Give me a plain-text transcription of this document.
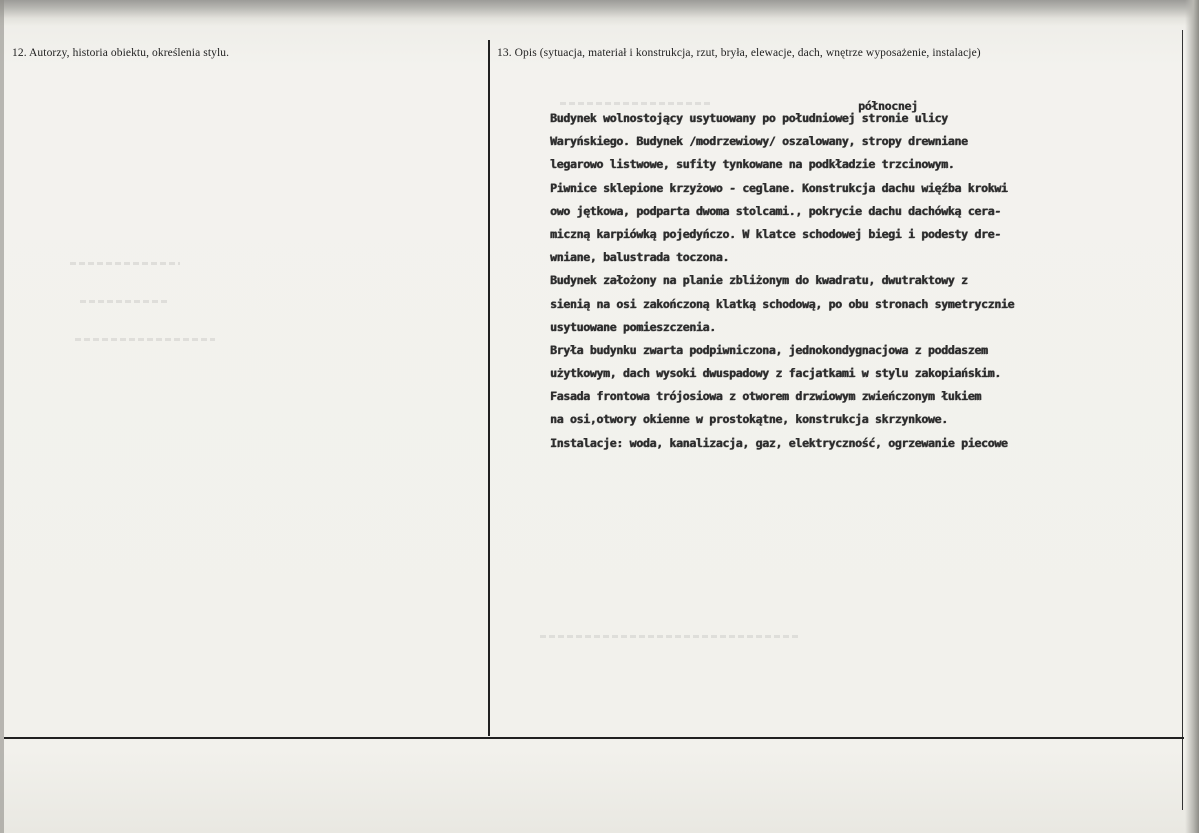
12. Autorzy, historia obiektu, określenia stylu.	13. Opis (sytuacja, materiał i konstrukcja, rzut, bryła, elewacje, dach, wnętrze wyposażenie, instalacje)
północnej
Budynek wolnostojący usytuowany po południowej stronie ulicy
Waryńskiego. Budynek /modrzewiowy/ oszalowany, stropy drewniane
legarowo listwowe, sufity tynkowane na podkładzie trzcinowym.
Piwnice sklepione krzyżowo - ceglane. Konstrukcja dachu więźba krokwi
owo jętkowa, podparta dwoma stolcami., pokrycie dachu dachówką cera-
miczną karpiówką pojedyńczo. W klatce schodowej biegi i podesty dre-
wniane, balustrada toczona.
Budynek założony na planie zbliżonym do kwadratu, dwutraktowy z
sienią na osi zakończoną klatką schodową, po obu stronach symetrycznie
usytuowane pomieszczenia.
Bryła budynku zwarta podpiwniczona, jednokondygnacjowa z poddaszem
użytkowym, dach wysoki dwuspadowy z facjatkami w stylu zakopiańskim.
Fasada frontowa trójosiowa z otworem drzwiowym zwieńczonym łukiem
na osi,otwory okienne w prostokątne, konstrukcja skrzynkowe.
Instalacje: woda, kanalizacja, gaz, elektryczność, ogrzewanie piecowe
